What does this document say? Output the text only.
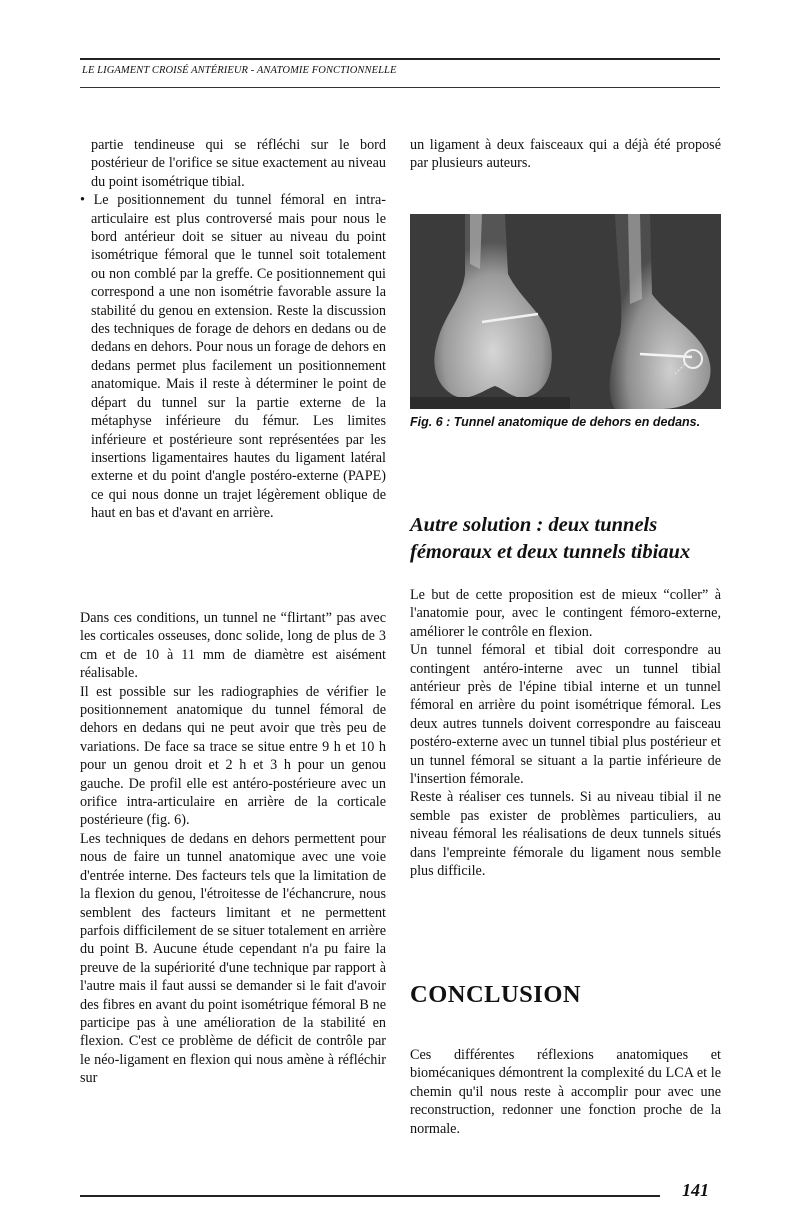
LE LIGAMENT CROISÉ ANTÉRIEUR - ANATOMIE FONCTIONNELLE

partie tendineuse qui se réfléchi sur le bord postérieur de l'orifice se situe exactement au niveau du point isométrique tibial.

• Le positionnement du tunnel fémoral en intra-articulaire est plus controversé mais pour nous le bord antérieur doit se situer au niveau du point isométrique fémoral que le tunnel soit totalement ou non comblé par la greffe. Ce positionnement qui correspond a une non isométrie favorable assure la stabilité du genou en extension. Reste la discussion des techniques de forage de dehors en dedans ou de dedans en dehors. Pour nous un forage de dehors en dedans permet plus facilement un positionnement anatomique. Mais il reste à déterminer le point de départ du tunnel sur la partie externe de la métaphyse inférieure du fémur. Les limites inférieure et postérieure sont représentées par les insertions ligamentaires hautes du ligament latéral externe et du point d'angle postéro-externe (PAPE) ce qui nous donne un trajet légèrement oblique de haut en bas et d'avant en arrière.

Dans ces conditions, un tunnel ne “flirtant” pas avec les corticales osseuses, donc solide, long de plus de 3 cm et de 10 à 11 mm de diamètre est aisément réalisable.

Il est possible sur les radiographies de vérifier le positionnement anatomique du tunnel fémoral de dehors en dedans qui ne peut avoir que très peu de variations. De face sa trace se situe entre 9 h et 10 h pour un genou droit et 2 h et 3 h pour un genou gauche. De profil elle est antéro-postérieure avec un orifice intra-articulaire en arrière de la corticale postérieure (fig. 6).

Les techniques de dedans en dehors permettent pour nous de faire un tunnel anatomique avec une voie d'entrée interne. Des facteurs tels que la limitation de la flexion du genou, l'étroitesse de l'échancrure, nous semblent des facteurs limitant et ne permettent parfois difficilement de se situer totalement en arrière du point B. Aucune étude cependant n'a pu faire la preuve de la supériorité d'une technique par rapport à l'autre mais il faut aussi se demander si le fait d'avoir des fibres en avant du point isométrique fémoral B ne participe pas à une amélioration de la stabilité en flexion. C'est ce problème de déficit de contrôle par le néo-ligament en flexion qui nous amène à réfléchir sur

un ligament à deux faisceaux qui a déjà été proposé par plusieurs auteurs.

Fig. 6 : Tunnel anatomique de dehors en dedans.
Autre solution : deux tunnels fémoraux et deux tunnels tibiaux

Le but de cette proposition est de mieux “coller” à l'anatomie pour, avec le contingent fémoro-externe, améliorer le contrôle en flexion.

Un tunnel fémoral et tibial doit correspondre au contingent antéro-interne avec un tunnel tibial antérieur près de l'épine tibial interne et un tunnel fémoral en arrière du point isométrique fémoral. Les deux autres tunnels doivent correspondre au faisceau postéro-externe avec un tunnel tibial plus postérieur et un tunnel fémoral se situant a la partie inférieure de l'insertion fémorale.

Reste à réaliser ces tunnels. Si au niveau tibial il ne semble pas exister de problèmes particuliers, au niveau fémoral les réalisations de deux tunnels situés dans l'empreinte fémorale du ligament nous semble plus difficile.

CONCLUSION

Ces différentes réflexions anatomiques et biomécaniques démontrent la complexité du LCA et le chemin qu'il nous reste à accomplir pour avec une reconstruction, redonner une fonction proche de la normale.

141
